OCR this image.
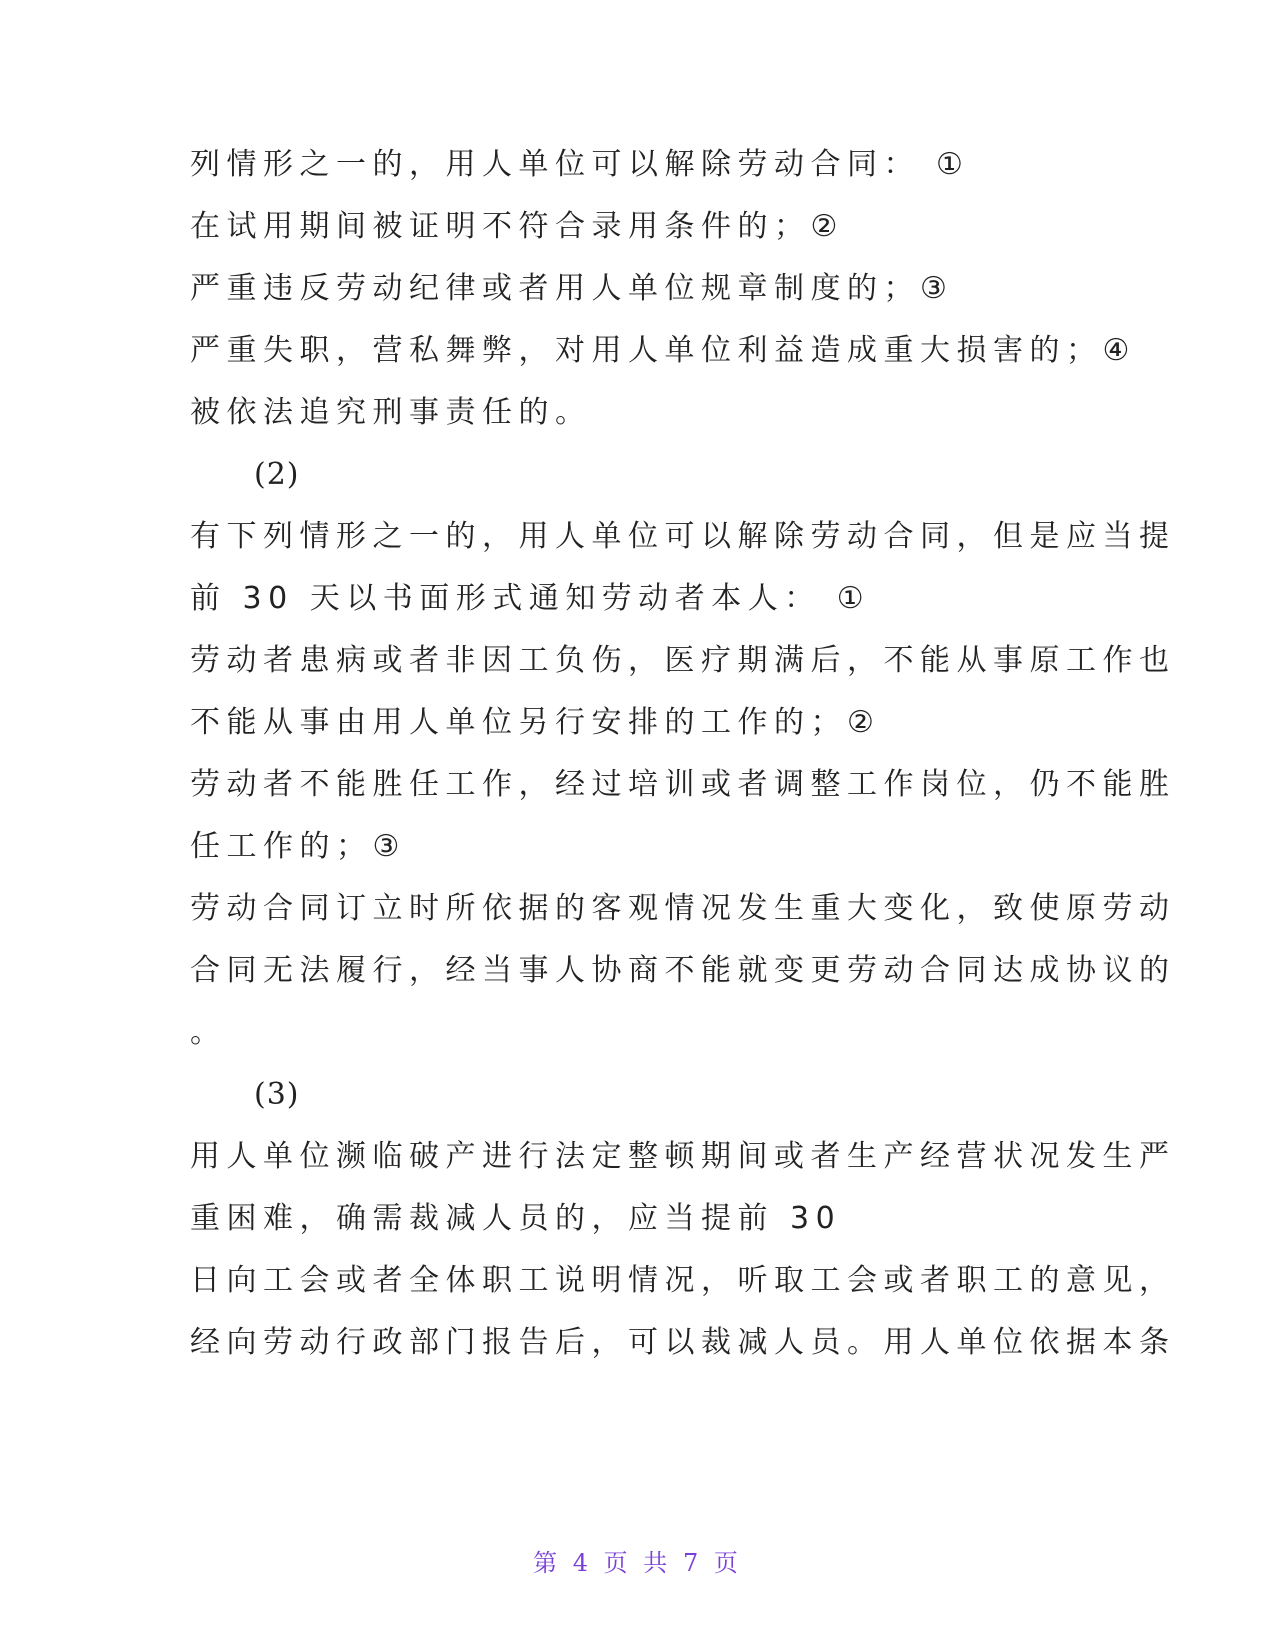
列情形之一的，用人单位可以解除劳动合同： ①
在试用期间被证明不符合录用条件的；②
严重违反劳动纪律或者用人单位规章制度的；③
严重失职，营私舞弊，对用人单位利益造成重大损害的；④
被依法追究刑事责任的。
(2)
有下列情形之一的，用人单位可以解除劳动合同，但是应当提
前 30 天以书面形式通知劳动者本人： ①
劳动者患病或者非因工负伤，医疗期满后，不能从事原工作也
不能从事由用人单位另行安排的工作的；②
劳动者不能胜任工作，经过培训或者调整工作岗位，仍不能胜
任工作的；③
劳动合同订立时所依据的客观情况发生重大变化，致使原劳动
合同无法履行，经当事人协商不能就变更劳动合同达成协议的
。
(3)
用人单位濒临破产进行法定整顿期间或者生产经营状况发生严
重困难，确需裁减人员的，应当提前 30
日向工会或者全体职工说明情况，听取工会或者职工的意见，
经向劳动行政部门报告后，可以裁减人员。用人单位依据本条
第 4 页 共 7 页
